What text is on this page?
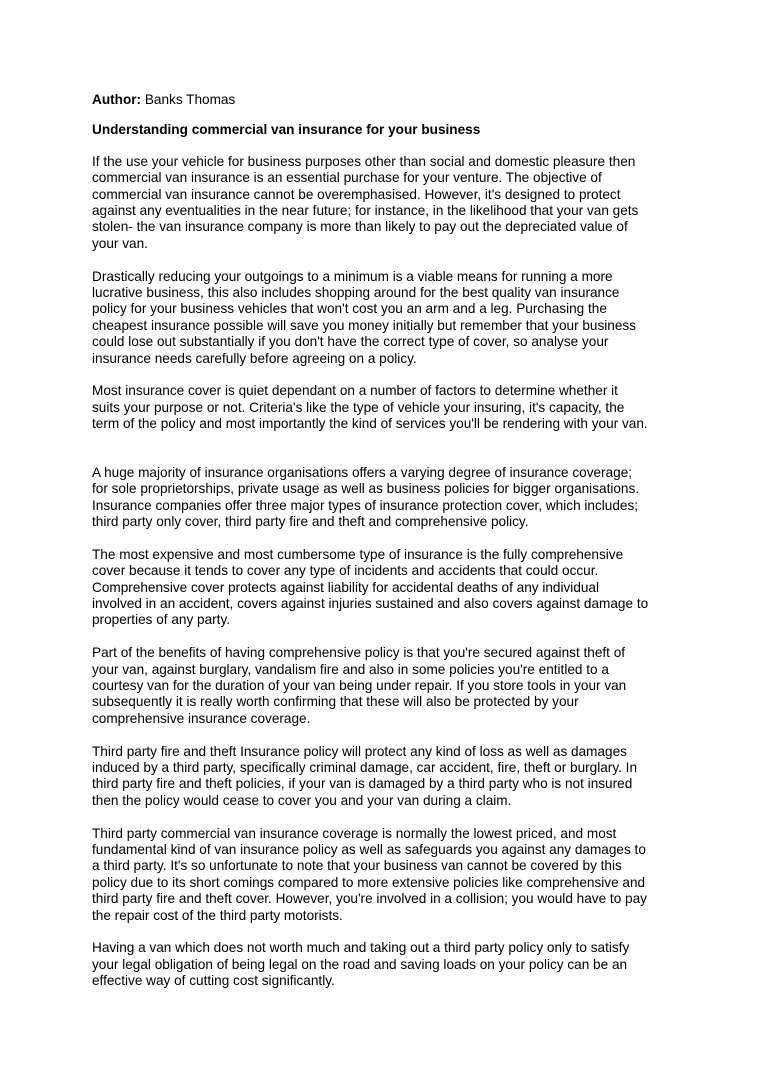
Author: Banks Thomas

Understanding commercial van insurance for your business

If the use your vehicle for business purposes other than social and domestic pleasure then
commercial van insurance is an essential purchase for your venture. The objective of
commercial van insurance cannot be overemphasised. However, it's designed to protect
against any eventualities in the near future; for instance, in the likelihood that your van gets
stolen- the van insurance company is more than likely to pay out the depreciated value of
your van.

Drastically reducing your outgoings to a minimum is a viable means for running a more
lucrative business, this also includes shopping around for the best quality van insurance
policy for your business vehicles that won't cost you an arm and a leg. Purchasing the
cheapest insurance possible will save you money initially but remember that your business
could lose out substantially if you don't have the correct type of cover, so analyse your
insurance needs carefully before agreeing on a policy.

Most insurance cover is quiet dependant on a number of factors to determine whether it
suits your purpose or not. Criteria's like the type of vehicle your insuring, it's capacity, the
term of the policy and most importantly the kind of services you'll be rendering with your van.

A huge majority of insurance organisations offers a varying degree of insurance coverage;
for sole proprietorships, private usage as well as business policies for bigger organisations.
Insurance companies offer three major types of insurance protection cover, which includes;
third party only cover, third party fire and theft and comprehensive policy.

The most expensive and most cumbersome type of insurance is the fully comprehensive
cover because it tends to cover any type of incidents and accidents that could occur.
Comprehensive cover protects against liability for accidental deaths of any individual
involved in an accident, covers against injuries sustained and also covers against damage to
properties of any party.

Part of the benefits of having comprehensive policy is that you're secured against theft of
your van, against burglary, vandalism fire and also in some policies you're entitled to a
courtesy van for the duration of your van being under repair. If you store tools in your van
subsequently it is really worth confirming that these will also be protected by your
comprehensive insurance coverage.

Third party fire and theft Insurance policy will protect any kind of loss as well as damages
induced by a third party, specifically criminal damage, car accident, fire, theft or burglary. In
third party fire and theft policies, if your van is damaged by a third party who is not insured
then the policy would cease to cover you and your van during a claim.

Third party commercial van insurance coverage is normally the lowest priced, and most
fundamental kind of van insurance policy as well as safeguards you against any damages to
a third party. It's so unfortunate to note that your business van cannot be covered by this
policy due to its short comings compared to more extensive policies like comprehensive and
third party fire and theft cover. However, you're involved in a collision; you would have to pay
the repair cost of the third party motorists.

Having a van which does not worth much and taking out a third party policy only to satisfy
your legal obligation of being legal on the road and saving loads on your policy can be an
effective way of cutting cost significantly.
